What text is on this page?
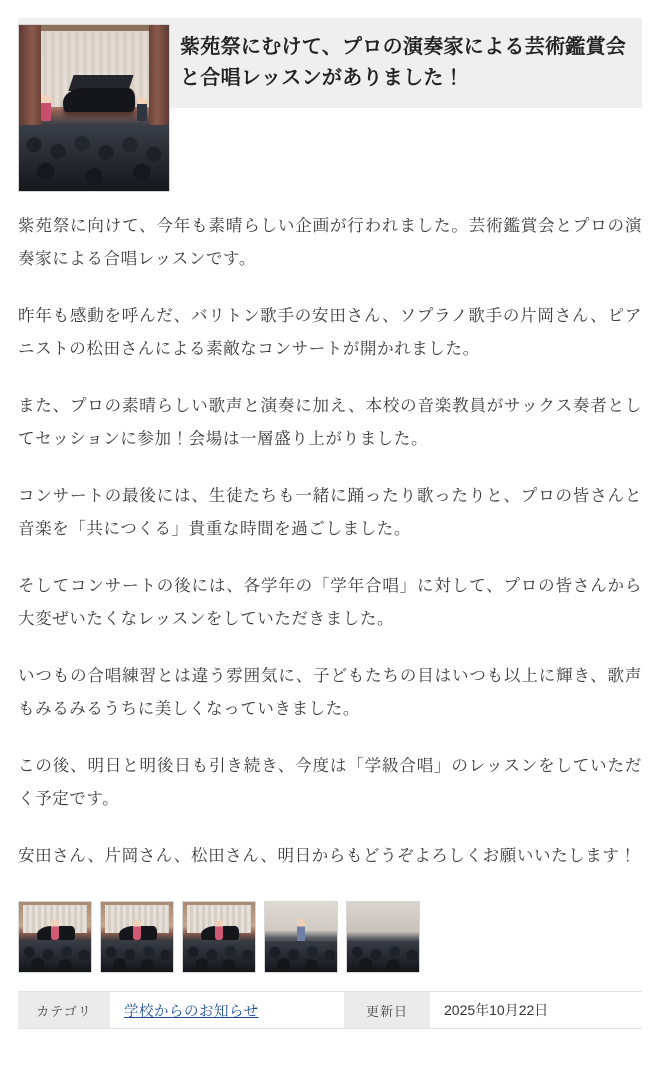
紫苑祭にむけて、プロの演奏家による芸術鑑賞会と合唱レッスンがありました！

紫苑祭に向けて、今年も素晴らしい企画が行われました。芸術鑑賞会とプロの演奏家による合唱レッスンです。

昨年も感動を呼んだ、バリトン歌手の安田さん、ソプラノ歌手の片岡さん、ピアニストの松田さんによる素敵なコンサートが開かれました。

また、プロの素晴らしい歌声と演奏に加え、本校の音楽教員がサックス奏者としてセッションに参加！会場は一層盛り上がりました。

コンサートの最後には、生徒たちも一緒に踊ったり歌ったりと、プロの皆さんと音楽を「共につくる」貴重な時間を過ごしました。

そしてコンサートの後には、各学年の「学年合唱」に対して、プロの皆さんから大変ぜいたくなレッスンをしていただきました。

いつもの合唱練習とは違う雰囲気に、子どもたちの目はいつも以上に輝き、歌声もみるみるうちに美しくなっていきました。

この後、明日と明後日も引き続き、今度は「学級合唱」のレッスンをしていただく予定です。

安田さん、片岡さん、松田さん、明日からもどうぞよろしくお願いいたします！

カテゴリ	学校からのお知らせ	更新日	2025年10月22日
